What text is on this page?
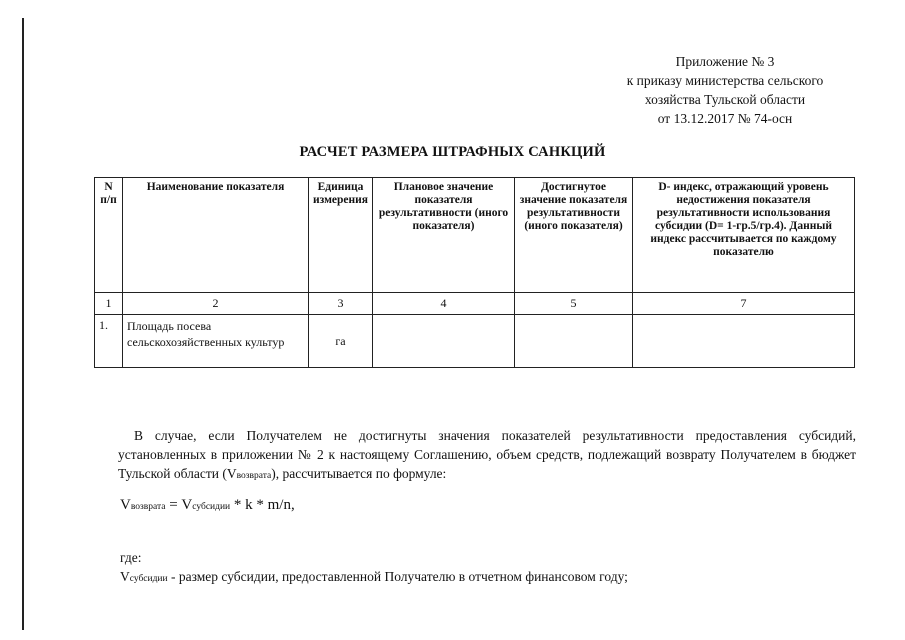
Приложение № 3
к приказу министерства сельского
хозяйства Тульской области
от 13.12.2017 № 74-осн
РАСЧЕТ РАЗМЕРА ШТРАФНЫХ САНКЦИЙ
N п/п	Наименование показателя	Единица измерения	Плановое значение показателя результативности (иного показателя)	Достигнутое значение показателя результативности (иного показателя)	D- индекс, отражающий уровень недостижения показателя результативности использования субсидии (D= 1-гр.5/гр.4). Данный индекс рассчитывается по каждому показателю
1	2	3	4	5	7
1.	Площадь посева сельскохозяйственных культур	га			
В случае, если Получателем не достигнуты значения показателей результативности предоставления субсидий, установленных в приложении № 2 к настоящему Соглашению, объем средств, подлежащий возврату Получателем в бюджет Тульской области (Vвозврата), рассчитывается по формуле:
Vвозврата = Vсубсидии * k * m/n,
где:
Vсубсидии - размер субсидии, предоставленной Получателю в отчетном финансовом году;
